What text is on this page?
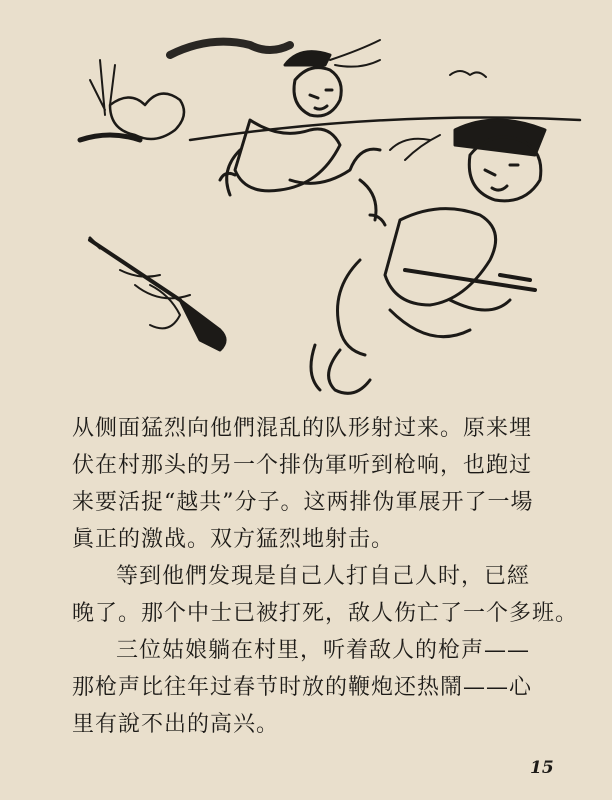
从侧面猛烈向他們混乱的队形射过来。原来埋
伏在村那头的另一个排伪軍听到枪响，也跑过
来要活捉“越共”分子。这两排伪軍展开了一場
眞正的激战。双方猛烈地射击。
等到他們发現是自己人打自己人时，已經
晚了。那个中士已被打死，敌人伤亡了一个多班。
三位姑娘躺在村里，听着敌人的枪声——
那枪声比往年过春节时放的鞭炮还热鬧——心
里有說不出的高兴。
15
